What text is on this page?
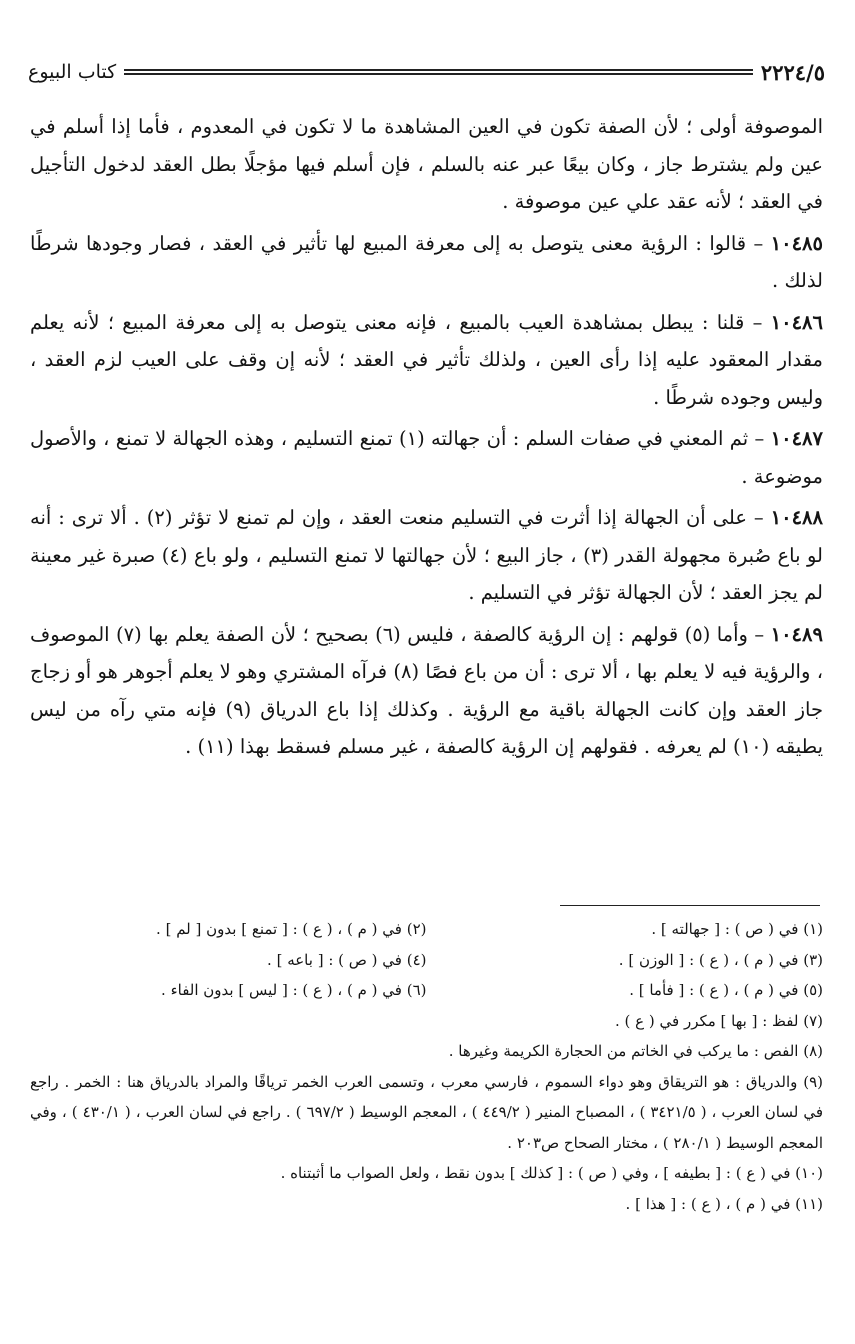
كتاب البيوع	٢٢٢٤/٥

الموصوفة أولى ؛ لأن الصفة تكون في العين المشاهدة ما لا تكون في المعدوم ، فأما إذا أسلم في عين ولم يشترط جاز ، وكان بيعًا عبر عنه بالسلم ، فإن أسلم فيها مؤجلًا بطل العقد لدخول التأجيل في العقد ؛ لأنه عقد علي عين موصوفة .

١٠٤٨٥ – قالوا : الرؤية معنى يتوصل به إلى معرفة المبيع لها تأثير في العقد ، فصار وجودها شرطًا لذلك .

١٠٤٨٦ – قلنا : يبطل بمشاهدة العيب بالمبيع ، فإنه معنى يتوصل به إلى معرفة المبيع ؛ لأنه يعلم مقدار المعقود عليه إذا رأى العين ، ولذلك تأثير في العقد ؛ لأنه إن وقف على العيب لزم العقد ، وليس وجوده شرطًا .

١٠٤٨٧ – ثم المعني في صفات السلم : أن جهالته (١) تمنع التسليم ، وهذه الجهالة لا تمنع ، والأصول موضوعة .

١٠٤٨٨ – على أن الجهالة إذا أثرت في التسليم منعت العقد ، وإن لم تمنع لا تؤثر (٢) . ألا ترى : أنه لو باع صُبرة مجهولة القدر (٣) ، جاز البيع ؛ لأن جهالتها لا تمنع التسليم ، ولو باع (٤) صبرة غير معينة لم يجز العقد ؛ لأن الجهالة تؤثر في التسليم .

١٠٤٨٩ – وأما (٥) قولهم : إن الرؤية كالصفة ، فليس (٦) بصحيح ؛ لأن الصفة يعلم بها (٧) الموصوف ، والرؤية فيه لا يعلم بها ، ألا ترى : أن من باع فصًا (٨) فرآه المشتري وهو لا يعلم أجوهر هو أو زجاج جاز العقد وإن كانت الجهالة باقية مع الرؤية . وكذلك إذا باع الدرياق (٩) فإنه متي رآه من ليس يطيقه (١٠) لم يعرفه . فقولهم إن الرؤية كالصفة ، غير مسلم فسقط بهذا (١١) .

(١) في ( ص ) : [ جهالته ] .
(٢) في ( م ) ، ( ع ) : [ تمنع ] بدون [ لم ] .
(٣) في ( م ) ، ( ع ) : [ الوزن ] .
(٤) في ( ص ) : [ باعه ] .
(٥) في ( م ) ، ( ع ) : [ فأما ] .
(٦) في ( م ) ، ( ع ) : [ ليس ] بدون الفاء .
(٧) لفظ : [ بها ] مكرر في ( ع ) .
(٨) الفص : ما يركب في الخاتم من الحجارة الكريمة وغيرها .
(٩) والدرياق : هو التريقاق وهو دواء السموم ، فارسي معرب ، وتسمى العرب الخمر ترياقًا والمراد بالدرياق هنا : الخمر . راجع في لسان العرب ، ( ٣٤٢١/٥ ) ، المصباح المنير ( ٤٤٩/٢ ) ، المعجم الوسيط ( ٦٩٧/٢ ) . راجع في لسان العرب ، ( ٤٣٠/١ ) ، وفي المعجم الوسيط ( ٢٨٠/١ ) ، مختار الصحاح ص٢٠٣ .
(١٠) في ( ع ) : [ بطيفه ] ، وفي ( ص ) : [ كذلك ] بدون نقط ، ولعل الصواب ما أثبتناه .
(١١) في ( م ) ، ( ع ) : [ هذا ] .
